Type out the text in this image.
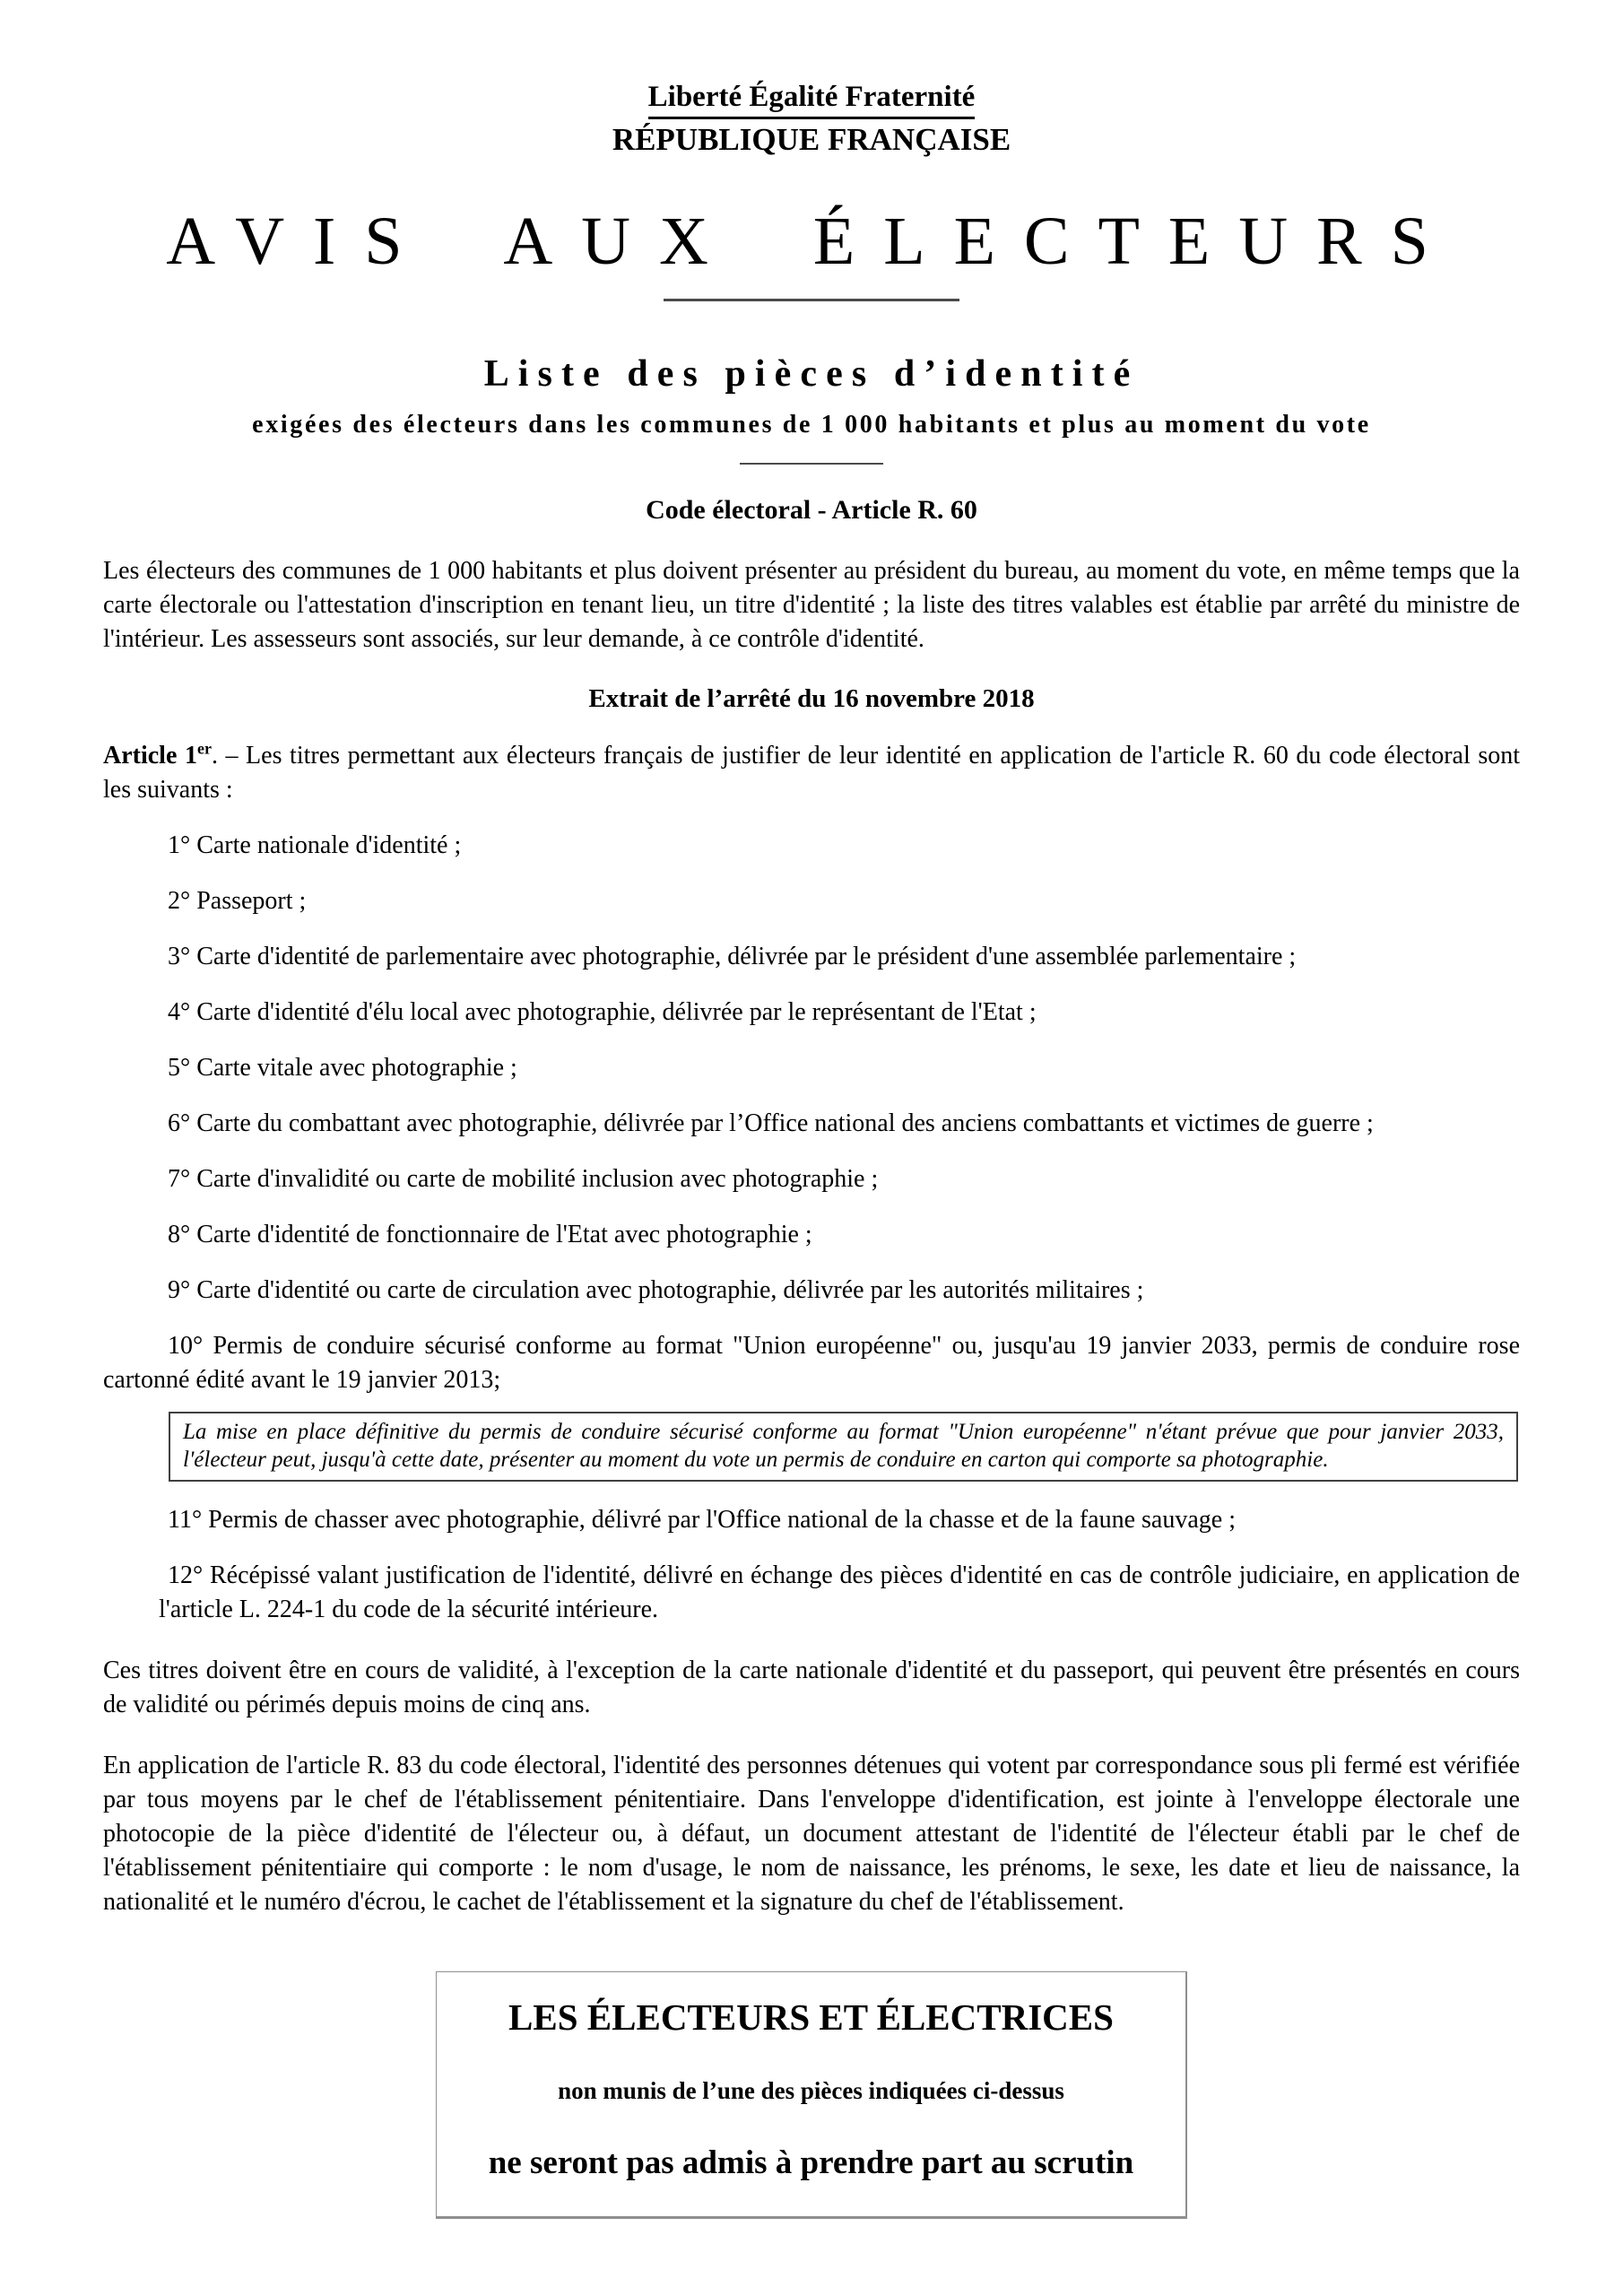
Liberté Égalité Fraternité
RÉPUBLIQUE FRANÇAISE
AVIS AUX ÉLECTEURS
Liste des pièces d’identité
exigées des électeurs dans les communes de 1 000 habitants et plus au moment du vote
Code électoral - Article R. 60

Les électeurs des communes de 1 000 habitants et plus doivent présenter au président du bureau, au moment du vote, en même temps que la carte électorale ou l'attestation d'inscription en tenant lieu, un titre d'identité ; la liste des titres valables est établie par arrêté du ministre de l'intérieur. Les assesseurs sont associés, sur leur demande, à ce contrôle d'identité.

Extrait de l’arrêté du 16 novembre 2018

Article 1er. – Les titres permettant aux électeurs français de justifier de leur identité en application de l'article R. 60 du code électoral sont les suivants :

1° Carte nationale d'identité ;

2° Passeport ;

3° Carte d'identité de parlementaire avec photographie, délivrée par le président d'une assemblée parlementaire ;

4° Carte d'identité d'élu local avec photographie, délivrée par le représentant de l'Etat ;

5° Carte vitale avec photographie ;

6° Carte du combattant avec photographie, délivrée par l’Office national des anciens combattants et victimes de guerre ;

7° Carte d'invalidité ou carte de mobilité inclusion avec photographie ;

8° Carte d'identité de fonctionnaire de l'Etat avec photographie ;

9° Carte d'identité ou carte de circulation avec photographie, délivrée par les autorités militaires ;

10° Permis de conduire sécurisé conforme au format "Union européenne" ou, jusqu'au 19 janvier 2033, permis de conduire rose cartonné édité avant le 19 janvier 2013;

La mise en place définitive du permis de conduire sécurisé conforme au format "Union européenne" n'étant prévue que pour janvier 2033, l'électeur peut, jusqu'à cette date, présenter au moment du vote un permis de conduire en carton qui comporte sa photographie.

11° Permis de chasser avec photographie, délivré par l'Office national de la chasse et de la faune sauvage ;

12° Récépissé valant justification de l'identité, délivré en échange des pièces d'identité en cas de contrôle judiciaire, en application de l'article L. 224-1 du code de la sécurité intérieure.

Ces titres doivent être en cours de validité, à l'exception de la carte nationale d'identité et du passeport, qui peuvent être présentés en cours de validité ou périmés depuis moins de cinq ans.

En application de l'article R. 83 du code électoral, l'identité des personnes détenues qui votent par correspondance sous pli fermé est vérifiée par tous moyens par le chef de l'établissement pénitentiaire. Dans l'enveloppe d'identification, est jointe à l'enveloppe électorale une photocopie de la pièce d'identité de l'électeur ou, à défaut, un document attestant de l'identité de l'électeur établi par le chef de l'établissement pénitentiaire qui comporte : le nom d'usage, le nom de naissance, les prénoms, le sexe, les date et lieu de naissance, la nationalité et le numéro d'écrou, le cachet de l'établissement et la signature du chef de l'établissement.

LES ÉLECTEURS ET ÉLECTRICES
non munis de l’une des pièces indiquées ci-dessus
ne seront pas admis à prendre part au scrutin
